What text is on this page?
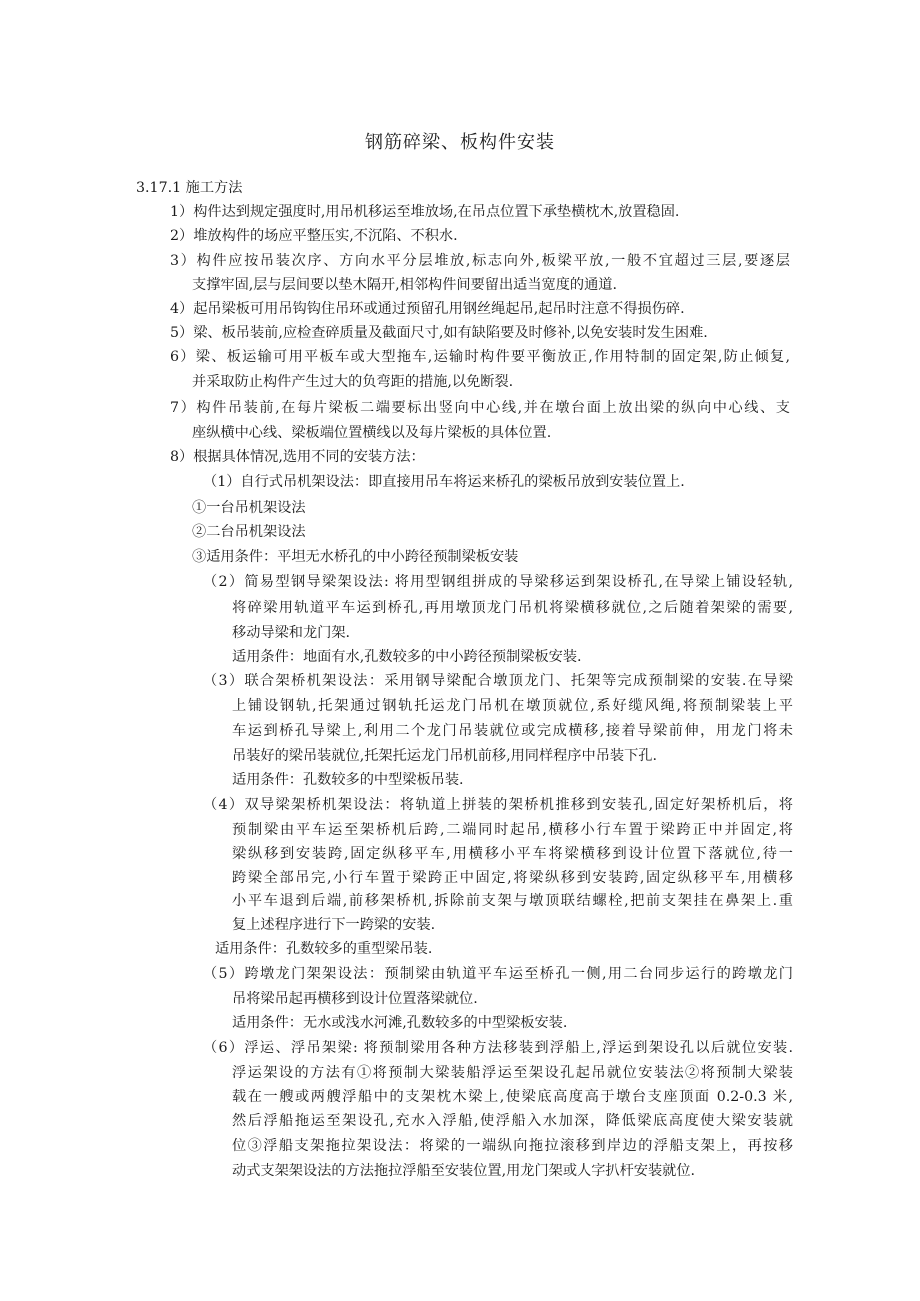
钢筋碎梁、板构件安装
3.17.1 施工方法
1）构件达到规定强度时,用吊机移运至堆放场,在吊点位置下承垫横枕木,放置稳固.
2）堆放构件的场应平整压实,不沉陷、不积水.
3）构件应按吊装次序、方向水平分层堆放,标志向外,板梁平放,一般不宜超过三层,要逐层
支撑牢固,层与层间要以垫木隔开,相邻构件间要留出适当宽度的通道.
4）起吊梁板可用吊钩钩住吊环或通过预留孔用钢丝绳起吊,起吊时注意不得损伤碎.
5）梁、板吊装前,应检查碎质量及截面尺寸,如有缺陷要及时修补,以免安装时发生困难.
6）梁、板运输可用平板车或大型拖车,运输时构件要平衡放正,作用特制的固定架,防止倾复,
并采取防止构件产生过大的负弯距的措施,以免断裂.
7）构件吊装前,在每片梁板二端要标出竖向中心线,并在墩台面上放出梁的纵向中心线、支
座纵横中心线、梁板端位置横线以及每片梁板的具体位置.
8）根据具体情况,选用不同的安装方法：
（1）自行式吊机架设法：即直接用吊车将运来桥孔的梁板吊放到安装位置上.
①一台吊机架设法
②二台吊机架设法
③适用条件：平坦无水桥孔的中小跨径预制梁板安装
（2）简易型钢导梁架设法: 将用型钢组拼成的导梁移运到架设桥孔,在导梁上铺设轻轨,
将碎梁用轨道平车运到桥孔,再用墩顶龙门吊机将梁横移就位,之后随着架梁的需要,
移动导梁和龙门架.
适用条件：地面有水,孔数较多的中小跨径预制梁板安装.
（3）联合架桥机架设法：采用钢导梁配合墩顶龙门、托架等完成预制梁的安装.在导梁
上铺设钢轨,托架通过钢轨托运龙门吊机在墩顶就位,系好缆风绳,将预制梁装上平
车运到桥孔导梁上,利用二个龙门吊装就位或完成横移,接着导梁前伸，用龙门将未
吊装好的梁吊装就位,托架托运龙门吊机前移,用同样程序中吊装下孔.
适用条件：孔数较多的中型梁板吊装.
（4）双导梁架桥机架设法：将轨道上拼装的架桥机推移到安装孔,固定好架桥机后，将
预制梁由平车运至架桥机后跨,二端同时起吊,横移小行车置于梁跨正中并固定,将
梁纵移到安装跨,固定纵移平车,用横移小平车将梁横移到设计位置下落就位,待一
跨梁全部吊完,小行车置于梁跨正中固定,将梁纵移到安装跨,固定纵移平车,用横移
小平车退到后端,前移架桥机,拆除前支架与墩顶联结螺栓,把前支架挂在鼻架上.重
复上述程序进行下一跨梁的安装.
适用条件：孔数较多的重型梁吊装.
（5）跨墩龙门架架设法：预制梁由轨道平车运至桥孔一侧,用二台同步运行的跨墩龙门
吊将梁吊起再横移到设计位置落梁就位.
适用条件：无水或浅水河滩,孔数较多的中型梁板安装.
（6）浮运、浮吊架梁: 将预制梁用各种方法移装到浮船上,浮运到架设孔以后就位安装.
浮运架设的方法有①将预制大梁装船浮运至架设孔起吊就位安装法②将预制大梁装
载在一艘或两艘浮船中的支架枕木梁上,使梁底高度高于墩台支座顶面 0.2-0.3 米,
然后浮船拖运至架设孔,充水入浮船,使浮船入水加深，降低梁底高度使大梁安装就
位③浮船支架拖拉架设法：将梁的一端纵向拖拉滚移到岸边的浮船支架上，再按移
动式支架架设法的方法拖拉浮船至安装位置,用龙门架或人字扒杆安装就位.
